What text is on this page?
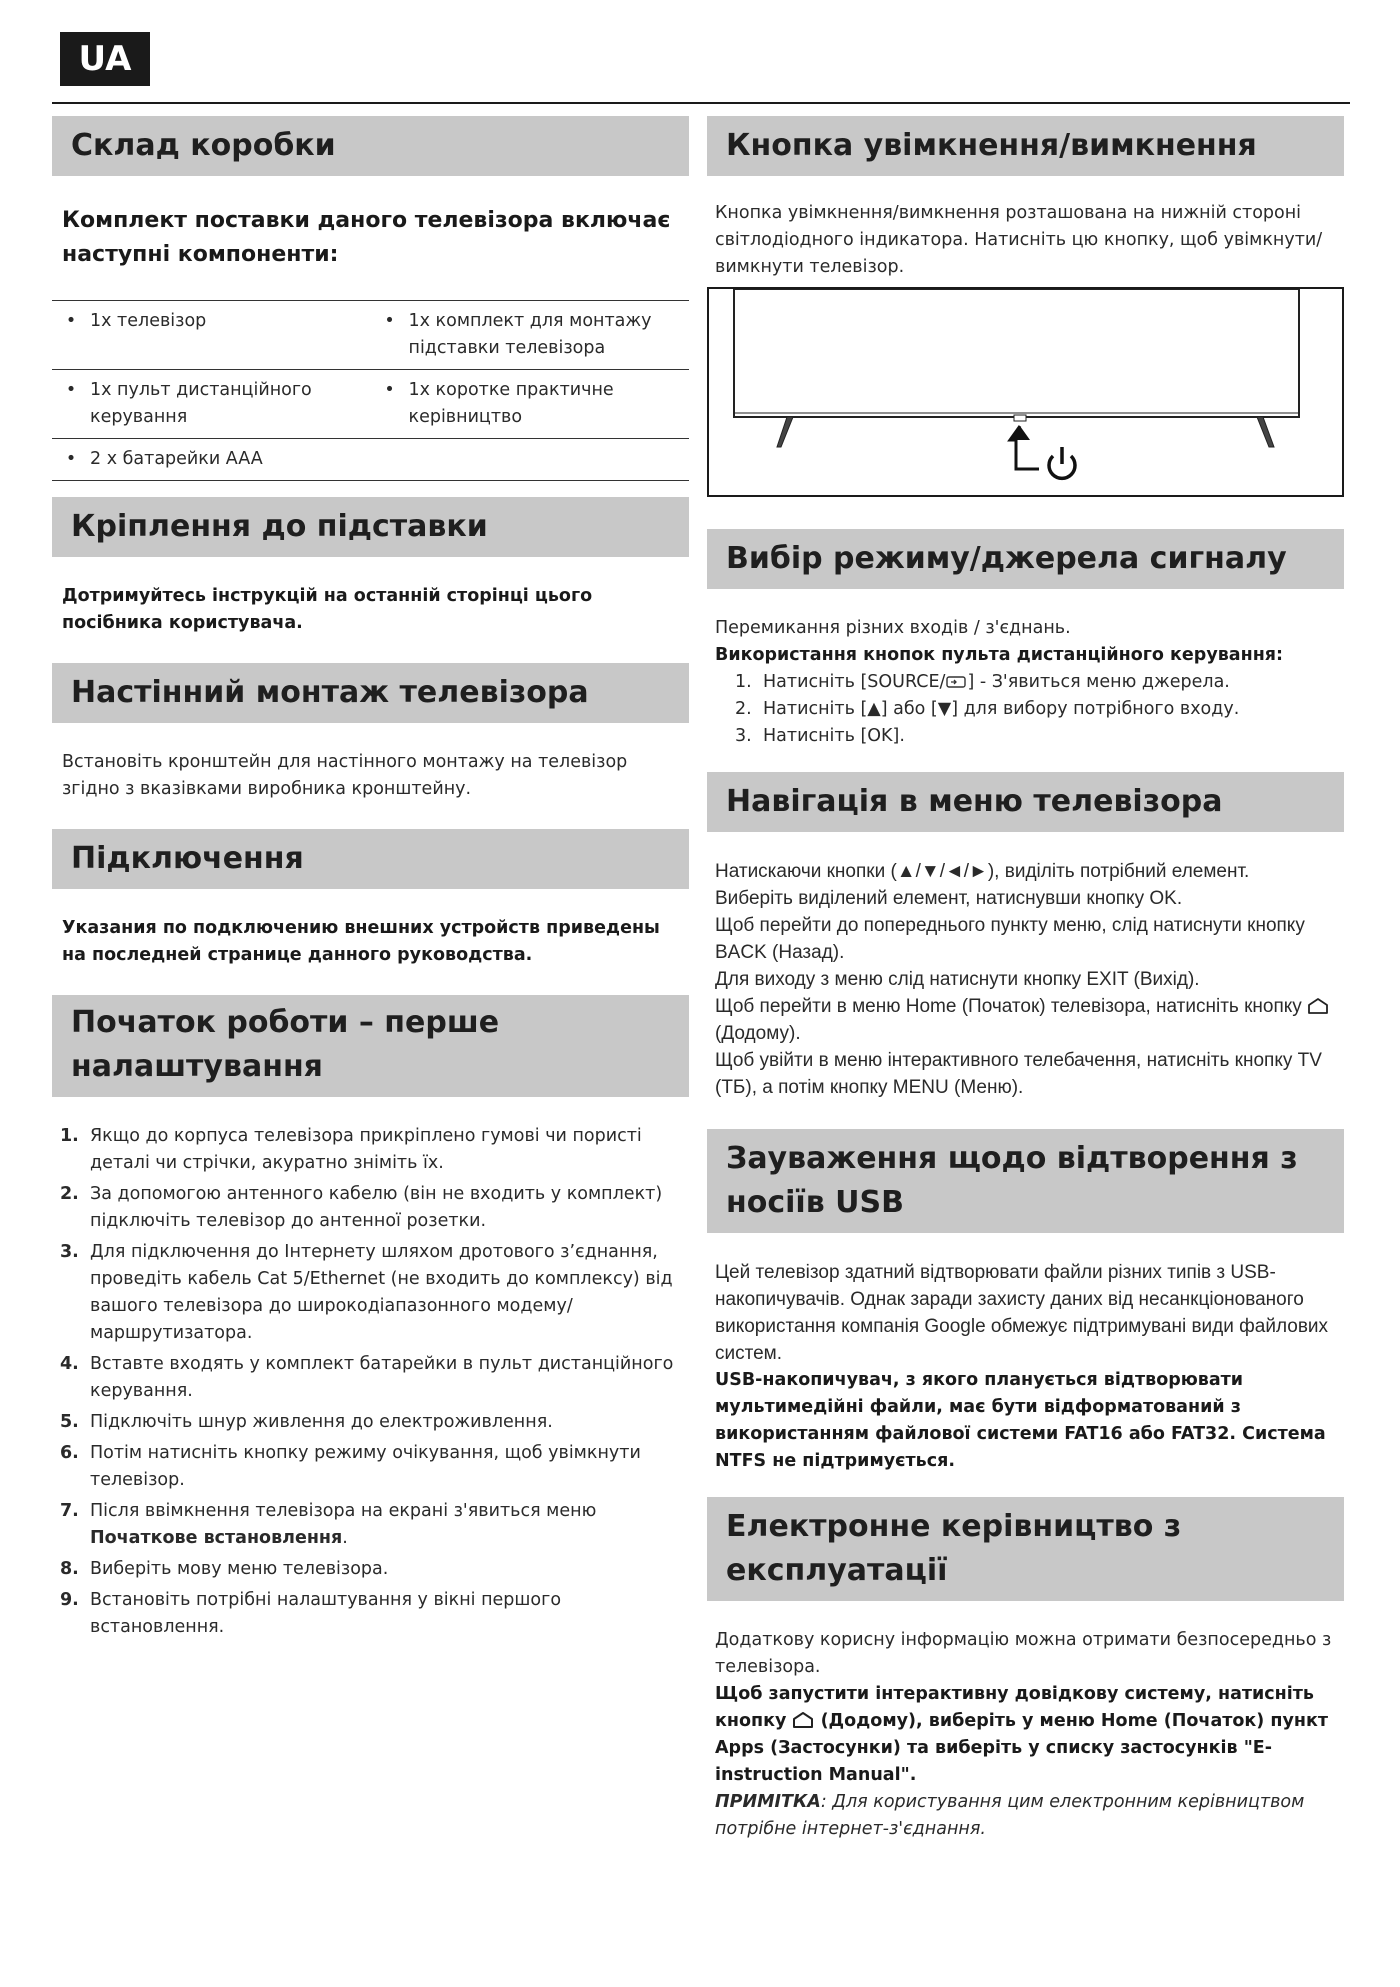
UA
Склад коробки

Комплект поставки даного телевізора включає наступні компоненти:

• 1x телевізор	• 1x комплект для монтажу підставки телевізора
• 1x пульт дистанційного керування
• 1x коротке практичне керівництво
• 2 x батарейки AAA
Кріплення до підставки

Дотримуйтесь інструкцій на останній сторінці цього посібника користувача.

Настінний монтаж телевізора

Встановіть кронштейн для настінного монтажу на телевізор згідно з вказівками виробника кронштейну.

Підключення

Указания по подключению внешних устройств приведены на последней странице данного руководства.

Початок роботи – перше налаштування
1. Якщо до корпуса телевізора прикріплено гумові чи пористі деталі чи стрічки, акуратно зніміть їх.
2. За допомогою антенного кабелю (він не входить у комплект) підключіть телевізор до антенної розетки.
3. Для підключення до Інтернету шляхом дротового з’єднання, проведіть кабель Cat 5/Ethernet (не входить до комплексу) від вашого телевізора до широкодіапазонного модему/ маршрутизатора.
4. Вставте входять у комплект батарейки в пульт дистанційного керування.
5. Підключіть шнур живлення до електроживлення.
6. Потім натисніть кнопку режиму очікування, щоб увімкнути телевізор.
7. Після ввімкнення телевізора на екрані з'явиться меню Початкове встановлення.
8. Виберіть мову меню телевізора.
9. Встановіть потрібні налаштування у вікні першого встановлення.
Кнопка увімкнення/вимкнення

Кнопка увімкнення/вимкнення розташована на нижній стороні світлодіодного індикатора. Натисніть цю кнопку, щоб увімкнути/ вимкнути телевізор.

Вибір режиму/джерела сигналу

Перемикання різних входів / з'єднань.

Використання кнопок пульта дистанційного керування:

1. Натисніть [SOURCE/ ] - З'явиться меню джерела.
2. Натисніть [▲] або [▼] для вибору потрібного входу.
3. Натисніть [OK].
Навігація в меню телевізора

Натискаючи кнопки (▲/▼/◄/►), виділіть потрібний елемент.

Виберіть виділений елемент, натиснувши кнопку OK.

Щоб перейти до попереднього пункту меню, слід натиснути кнопку BACK (Назад).

Для виходу з меню слід натиснути кнопку EXIT (Вихід).

Щоб перейти в меню Home (Початок) телевізора, натисніть кнопку  (Додому).

Щоб увійти в меню інтерактивного телебачення, натисніть кнопку TV (ТБ), а потім кнопку MENU (Меню).

Зауваження щодо відтворення з носіїв USB

Цей телевізор здатний відтворювати файли різних типів з USB-накопичувачів. Однак заради захисту даних від несанкціонованого використання компанія Google обмежує підтримувані види файлових систем.

USB-накопичувач, з якого планується відтворювати мультимедійні файли, має бути відформатований з використанням файлової системи FAT16 або FAT32. Система NTFS не підтримується.

Електронне керівництво з експлуатації

Додаткову корисну інформацію можна отримати безпосередньо з телевізора.

Щоб запустити інтерактивну довідкову систему, натисніть кнопку (Додому), виберіть у меню Home (Початок) пункт Apps (Застосунки) та виберіть у списку застосунків "E-instruction Manual".

ПРИМІТКА: Для користування цим електронним керівництвом потрібне інтернет-з'єднання.
